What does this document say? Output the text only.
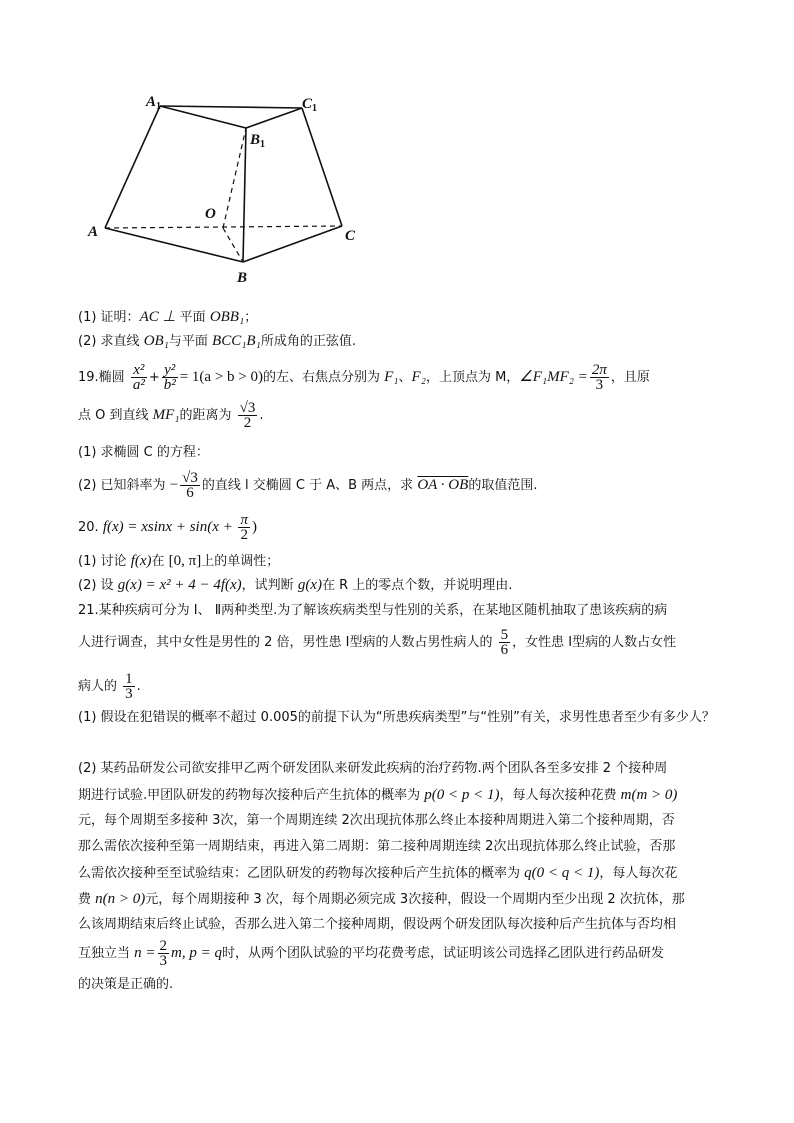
$A_1$	$C_1$
$B_1$
O
A
B
C
(1) 证明：AC ⊥ 平面 OBB₁；
(2) 求直线 OB₁与平面 BCC₁B₁所成角的正弦值.
19.椭圆 $\frac{\text{x²}}{\text{a²}} + \frac{\text{y²}}{\text{b²}} = 1(a > b > 0)$的左、右焦点分别为 F₁、F₂，上顶点为 M，∠F₁MF₂ = $\frac{2\pi}{3}$ ，且原
点 O 到直线 MF₁的距离为 $\frac{√3}{2}$ .
(1) 求椭圆 C 的方程：
(2) 已知斜率为 − $\frac{√3}{6}$ 的直线 l 交椭圆 C 于 A、B 两点，求 OA · OB的取值范围.
20. $f(x) = xsinx + \sin(x + \frac{\pi}{2}$ )
(1) 讨论 f(x)在 [0, π]上的单调性；
(2) 设 g(x) = x² + 4 − 4f(x)，试判断 g(x)在 R 上的零点个数，并说明理由.
21.某种疾病可分为 Ⅰ、 Ⅱ两种类型.为了解该疾病类型与性别的关系，在某地区随机抽取了患该疾病的病
人进行调查，其中女性是男性的 2 倍，男性患 Ⅰ型病的人数占男性病人的 $\frac{5}{6}$ ，女性患 Ⅰ型病的人数占女性
病人的 $\frac{1}{3}$ .
(1) 假设在犯错误的概率不超过 0.005的前提下认为“所患疾病类型”与“性别”有关，求男性患者至少有多少人？
(2) 某药品研发公司欲安排甲乙两个研发团队来研发此疾病的治疗药物.两个团队各至多安排 2 个接种周
期进行试验.甲团队研发的药物每次接种后产生抗体的概率为 p(0 < p < 1)，每人每次接种花费 m(m > 0)
元，每个周期至多接种 3次，第一个周期连续 2次出现抗体那么终止本接种周期进入第二个接种周期，否
那么需依次接种至第一周期结束，再进入第二周期：第二接种周期连续 2次出现抗体那么终止试验，否那
么需依次接种至至试验结束：乙团队研发的药物每次接种后产生抗体的概率为 q(0 < q < 1)，每人每次花
费 n(n > 0)元，每个周期接种 3 次，每个周期必须完成 3次接种，假设一个周期内至少出现 2 次抗体，那
么该周期结束后终止试验，否那么进入第二个接种周期，假设两个研发团队每次接种后产生抗体与否均相
互独立当 $n = \frac{2}{3} m$, p = q时，从两个团队试验的平均花费考虑，试证明该公司选择乙团队进行药品研发
的决策是正确的.
